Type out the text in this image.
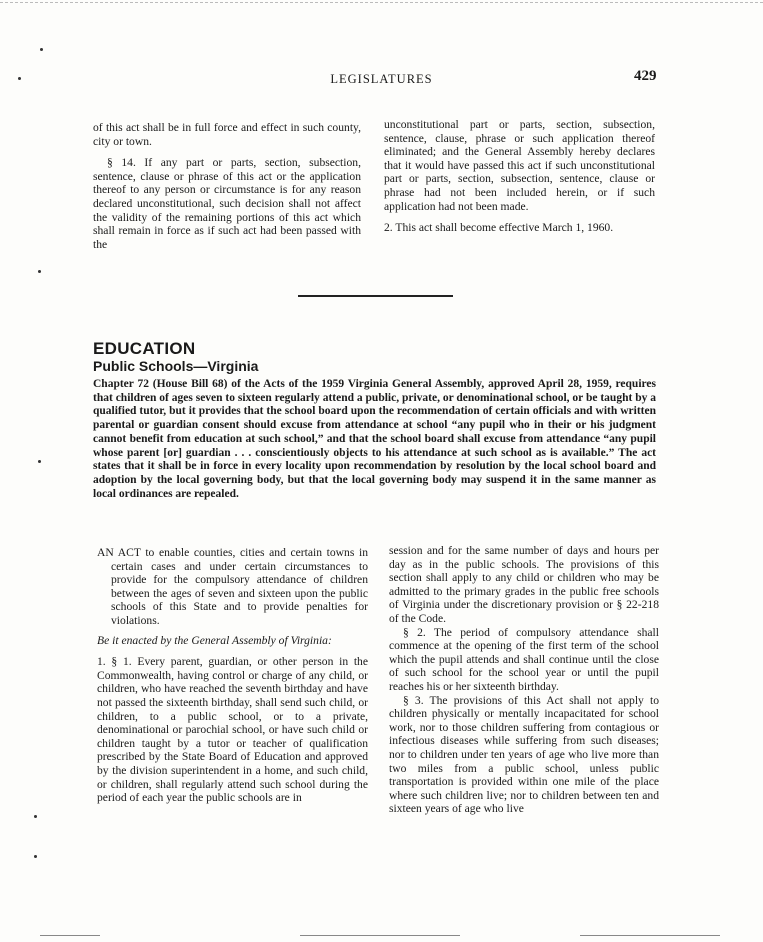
LEGISLATURES	429

of this act shall be in full force and effect in such county, city or town.

§ 14. If any part or parts, section, subsection, sentence, clause or phrase of this act or the application thereof to any person or circumstance is for any reason declared unconstitutional, such decision shall not affect the validity of the remaining portions of this act which shall remain in force as if such act had been passed with the

unconstitutional part or parts, section, subsection, sentence, clause, phrase or such application thereof eliminated; and the General Assembly hereby declares that it would have passed this act if such unconstitutional part or parts, section, subsection, sentence, clause or phrase had not been included herein, or if such application had not been made.

2. This act shall become effective March 1, 1960.

EDUCATION
Public Schools—Virginia
Chapter 72 (House Bill 68) of the Acts of the 1959 Virginia General Assembly, approved April 28, 1959, requires that children of ages seven to sixteen regularly attend a public, private, or denominational school, or be taught by a qualified tutor, but it provides that the school board upon the recommendation of certain officials and with written parental or guardian consent should excuse from attendance at school “any pupil who in their or his judgment cannot benefit from education at such school,” and that the school board shall excuse from attendance “any pupil whose parent [or] guardian . . . conscientiously objects to his attendance at such school as is available.” The act states that it shall be in force in every locality upon recommendation by resolution by the local school board and adoption by the local governing body, but that the local governing body may suspend it in the same manner as local ordinances are repealed.

AN ACT to enable counties, cities and certain towns in certain cases and under certain circumstances to provide for the compulsory attendance of children between the ages of seven and sixteen upon the public schools of this State and to provide penalties for violations.

Be it enacted by the General Assembly of Virginia:

1. § 1. Every parent, guardian, or other person in the Commonwealth, having control or charge of any child, or children, who have reached the seventh birthday and have not passed the sixteenth birthday, shall send such child, or children, to a public school, or to a private, denominational or parochial school, or have such child or children taught by a tutor or teacher of qualification prescribed by the State Board of Education and approved by the division superintendent in a home, and such child, or children, shall regularly attend such school during the period of each year the public schools are in

session and for the same number of days and hours per day as in the public schools. The provisions of this section shall apply to any child or children who may be admitted to the primary grades in the public free schools of Virginia under the discretionary provision or § 22-218 of the Code.

§ 2. The period of compulsory attendance shall commence at the opening of the first term of the school which the pupil attends and shall continue until the close of such school for the school year or until the pupil reaches his or her sixteenth birthday.

§ 3. The provisions of this Act shall not apply to children physically or mentally incapacitated for school work, nor to those children suffering from contagious or infectious diseases while suffering from such diseases; nor to children under ten years of age who live more than two miles from a public school, unless public transportation is provided within one mile of the place where such children live; nor to children between ten and sixteen years of age who live
